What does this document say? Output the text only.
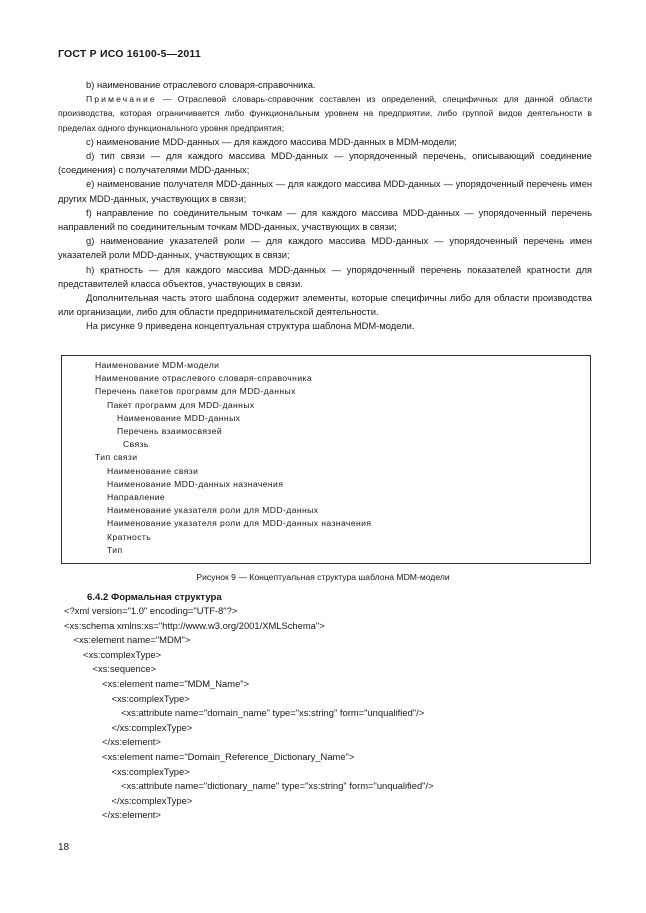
ГОСТ Р ИСО 16100-5—2011

b) наименование отраслевого словаря-справочника.

Примечание — Отраслевой словарь-справочник составлен из определений, специфичных для данной области производства, которая ограничивается либо функциональным уровнем на предприятии, либо группой видов деятельности в пределах одного функционального уровня предприятия;

c) наименование MDD-данных — для каждого массива MDD-данных в MDM-модели;

d) тип связи — для каждого массива MDD-данных — упорядоченный перечень, описывающий соединение (соединения) с получателями MDD-данных;

e) наименование получателя MDD-данных — для каждого массива MDD-данных — упорядоченный перечень имен других MDD-данных, участвующих в связи;

f) направление по соединительным точкам — для каждого массива MDD-данных — упорядоченный перечень направлений по соединительным точкам MDD-данных, участвующих в связи;

g) наименование указателей роли — для каждого массива MDD-данных — упорядоченный перечень имен указателей роли MDD-данных, участвующих в связи;

h) кратность — для каждого массива MDD-данных — упорядоченный перечень показателей кратности для представителей класса объектов, участвующих в связи.

Дополнительная часть этого шаблона содержит элементы, которые специфичны либо для области производства или организации, либо для области предпринимательской деятельности.

На рисунке 9 приведена концептуальная структура шаблона MDM-модели.

Наименование MDM-модели
Наименование отраслевого словаря-справочника
Перечень пакетов программ для MDD-данных
Пакет программ для MDD-данных
Наименование MDD-данных
Перечень взаимосвязей
Связь
Тип связи
Наименование связи
Наименование MDD-данных назначения
Направление
Наименование указателя роли для MDD-данных
Наименование указателя роли для MDD-данных назначения
Кратность
Тип
Рисунок 9 — Концептуальная структура шаблона MDM-модели
6.4.2 Формальная структура
<?xml version="1.0" encoding="UTF-8"?>
<xs:schema xmlns:xs="http://www.w3.org/2001/XMLSchema">
<xs:element name="MDM">
<xs:complexType>
<xs:sequence>
<xs:element name="MDM_Name">
<xs:complexType>
<xs:attribute name="domain_name" type="xs:string" form="unqualified"/>
</xs:complexType>
</xs:element>
<xs:element name="Domain_Reference_Dictionary_Name">
<xs:complexType>
<xs:attribute name="dictionary_name" type="xs:string" form="unqualified"/>
</xs:complexType>
</xs:element>
18
